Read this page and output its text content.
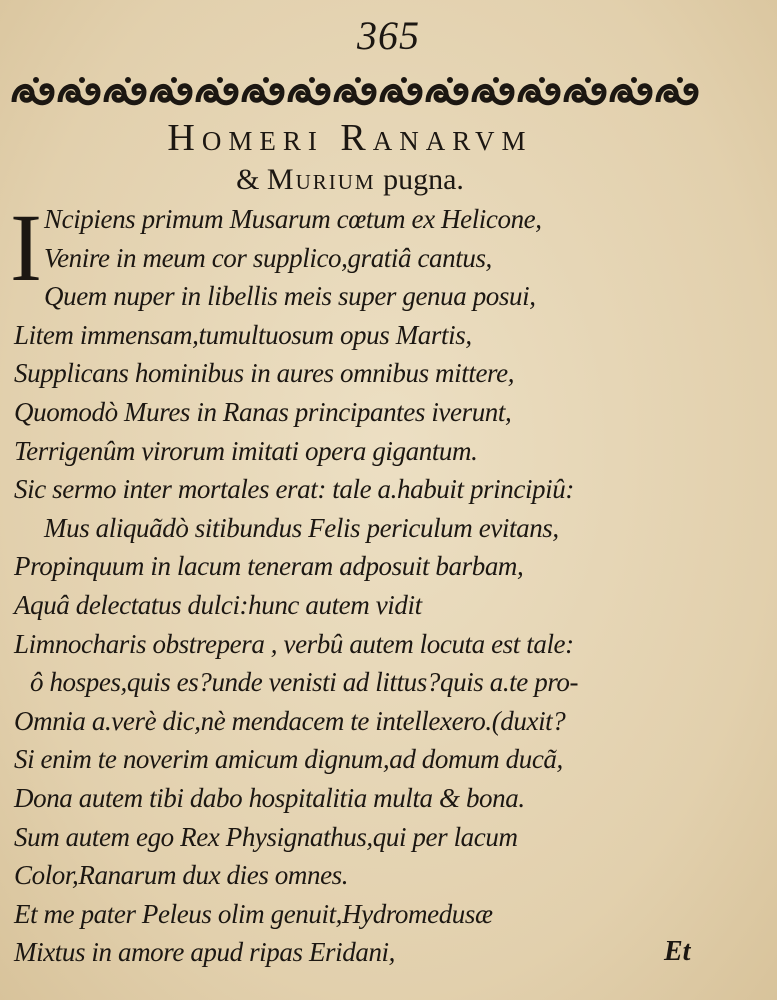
365
Homeri Ranarvm
& Murium pugna.
I Ncipiens primum Musarum cœtum ex Helicone,
Venire in meum cor supplico,gratiâ cantus,
Quem nuper in libellis meis super genua posui,
Litem immensam,tumultuosum opus Martis,
Supplicans hominibus in aures omnibus mittere,
Quomodò Mures in Ranas principantes iverunt,
Terrigenûm virorum imitati opera gigantum.
Sic sermo inter mortales erat: tale a.habuit principiû:
Mus aliquãdò sitibundus Felis periculum evitans,
Propinquum in lacum teneram adposuit barbam,
Aquâ delectatus dulci:hunc autem vidit
Limnocharis obstrepera , verbû autem locuta est tale:
ô hospes,quis es?unde venisti ad littus?quis a.te pro-
Omnia a.verè dic,nè mendacem te intellexero.(duxit?
Si enim te noverim amicum dignum,ad domum ducã,
Dona autem tibi dabo hospitalitia multa & bona.
Sum autem ego Rex Physignathus,qui per lacum
Color,Ranarum dux dies omnes.
Et me pater Peleus olim genuit,Hydromedusæ
Mixtus in amore apud ripas Eridani,	Et
